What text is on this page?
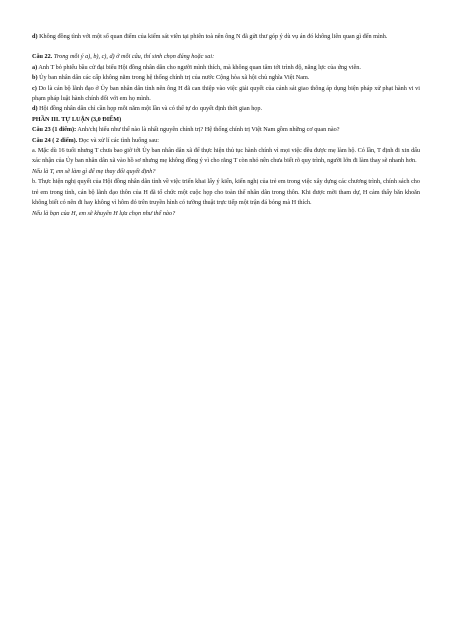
d) Không đồng tình với một số quan điểm của kiểm sát viên tại phiên toà nên ông N đã gửi thư góp ý dù vụ án đó không liên quan gì đến mình.

Câu 22. Trong mỗi ý a), b), c), d) ở mỗi câu, thí sinh chọn đúng hoặc sai:

a) Anh T bỏ phiếu bầu cử đại biểu Hội đồng nhân dân cho người mình thích, mà không quan tâm tới trình độ, năng lực của ứng viên.

b) Ủy ban nhân dân các cấp không nằm trong hệ thống chính trị của nước Cộng hòa xã hội chủ nghĩa Việt Nam.

c) Do là cán bộ lãnh đạo ở Ủy ban nhân dân tỉnh nên ông H đã can thiệp vào việc giải quyết của cảnh sát giao thông áp dụng biện pháp xử phạt hành vi vi phạm pháp luật hành chính đối với em họ mình.

d) Hội đồng nhân dân chỉ cần họp mỗi năm một lần và có thể tự do quyết định thời gian họp.

PHẦN III. TỰ LUẬN (3,0 ĐIỂM)

Câu 23 (1 điểm): Anh/chị hiểu như thế nào là nhất nguyên chính trị? Hệ thống chính trị Việt Nam gồm những cơ quan nào?

Câu 24 ( 2 điểm). Đọc và xử lí các tình huống sau:

a. Mặc dù 16 tuổi nhưng T chưa bao giờ tới Ủy ban nhân dân xã để thực hiện thủ tục hành chính vì mọi việc đều được mẹ làm hộ. Có lần, T định đi xin dấu xác nhận của Ủy ban nhân dân xã vào hồ sơ nhưng mẹ không đồng ý vì cho rằng T còn nhỏ nên chưa biết rõ quy trình, người lớn đi làm thay sẽ nhanh hơn.

Nếu là T, em sẽ làm gì để mẹ thay đổi quyết định?

b. Thực hiện nghị quyết của Hội đồng nhân dân tỉnh về việc triển khai lấy ý kiến, kiến nghị của trẻ em trong việc xây dựng các chương trình, chính sách cho trẻ em trong tỉnh, cán bộ lãnh đạo thôn của H đã tổ chức một cuộc họp cho toàn thể nhân dân trong thôn. Khi được mời tham dự, H cảm thấy băn khoăn không biết có nên đi hay không vì hôm đó trên truyền hình có tường thuật trực tiếp một trận đá bóng mà H thích.

Nếu là bạn của H, em sẽ khuyên H lựa chọn như thế nào?
